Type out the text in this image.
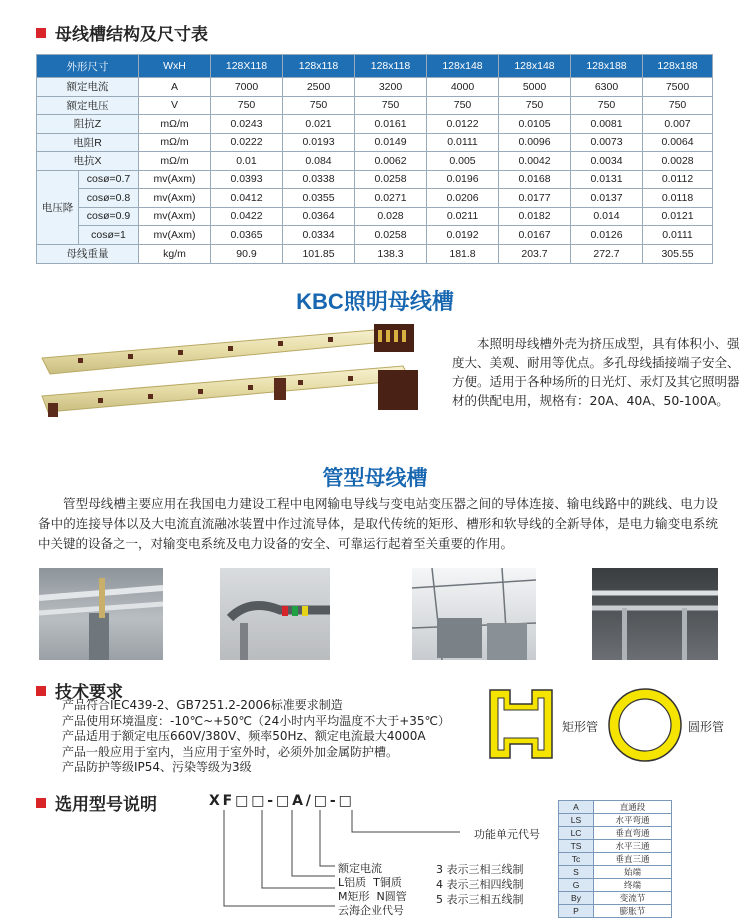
母线槽结构及尺寸表
外形尺寸		WxH	128X118	128x118	128x118	128x148	128x148	128x188	128x188
额定电流		A	7000	2500	3200	4000	5000	6300	7500
额定电压		V	750	750	750	750	750	750	750
阻抗Z		mΩ/m	0.0243	0.021	0.0161	0.0122	0.0105	0.0081	0.007
电阻R		mΩ/m	0.0222	0.0193	0.0149	0.0111	0.0096	0.0073	0.0064
电抗X		mΩ/m	0.01	0.084	0.0062	0.005	0.0042	0.0034	0.0028
电压降	cosø=0.7	mv(Axm)	0.0393	0.0338	0.0258	0.0196	0.0168	0.0131	0.0112
	cosø=0.8	mv(Axm)	0.0412	0.0355	0.0271	0.0206	0.0177	0.0137	0.0118
	cosø=0.9	mv(Axm)	0.0422	0.0364	0.028	0.0211	0.0182	0.014	0.0121
	cosø=1	mv(Axm)	0.0365	0.0334	0.0258	0.0192	0.0167	0.0126	0.0111
母线重量		kg/m	90.9	101.85	138.3	181.8	203.7	272.7	305.55
KBC照明母线槽
本照明母线槽外壳为挤压成型，具有体积小、强度大、美观、耐用等优点。多孔母线插接端子安全、方便。适用于各种场所的日光灯、汞灯及其它照明器材的供配电用，规格有：20A、40A、50-100A。
管型母线槽
管型母线槽主要应用在我国电力建设工程中电网输电导线与变电站变压器之间的导体连接、输电线路中的跳线、电力设备中的连接导体以及大电流直流融冰装置中作过流导体，是取代传统的矩形、槽形和软导线的全新导体，是电力输变电系统中关键的设备之一，对输变电系统及电力设备的安全、可靠运行起着至关重要的作用。
技术要求
产品符合IEC439-2、GB7251.2-2006标准要求制造
产品使用环境温度：-10℃~+50℃（24小时内平均温度不大于+35℃）
产品适用于额定电压660V/380V、频率50Hz、额定电流最大4000A
产品一般应用于室内，当应用于室外时，必须外加金属防护槽。
产品防护等级IP54、污染等级为3级
矩形管	圆形管
选用型号说明	X F □ □ - □ A / □ - □
功能单元代号
额定电流
L铝质  T铜质
M矩形  N圆管
云海企业代号
3 表示三相三线制
4 表示三相四线制
5 表示三相五线制
A	直通段
LS	水平弯通
LC	垂直弯通
TS	水平三通
Tc	垂直三通
S	始端
G	终端
By	变流节
P	膨胀节
